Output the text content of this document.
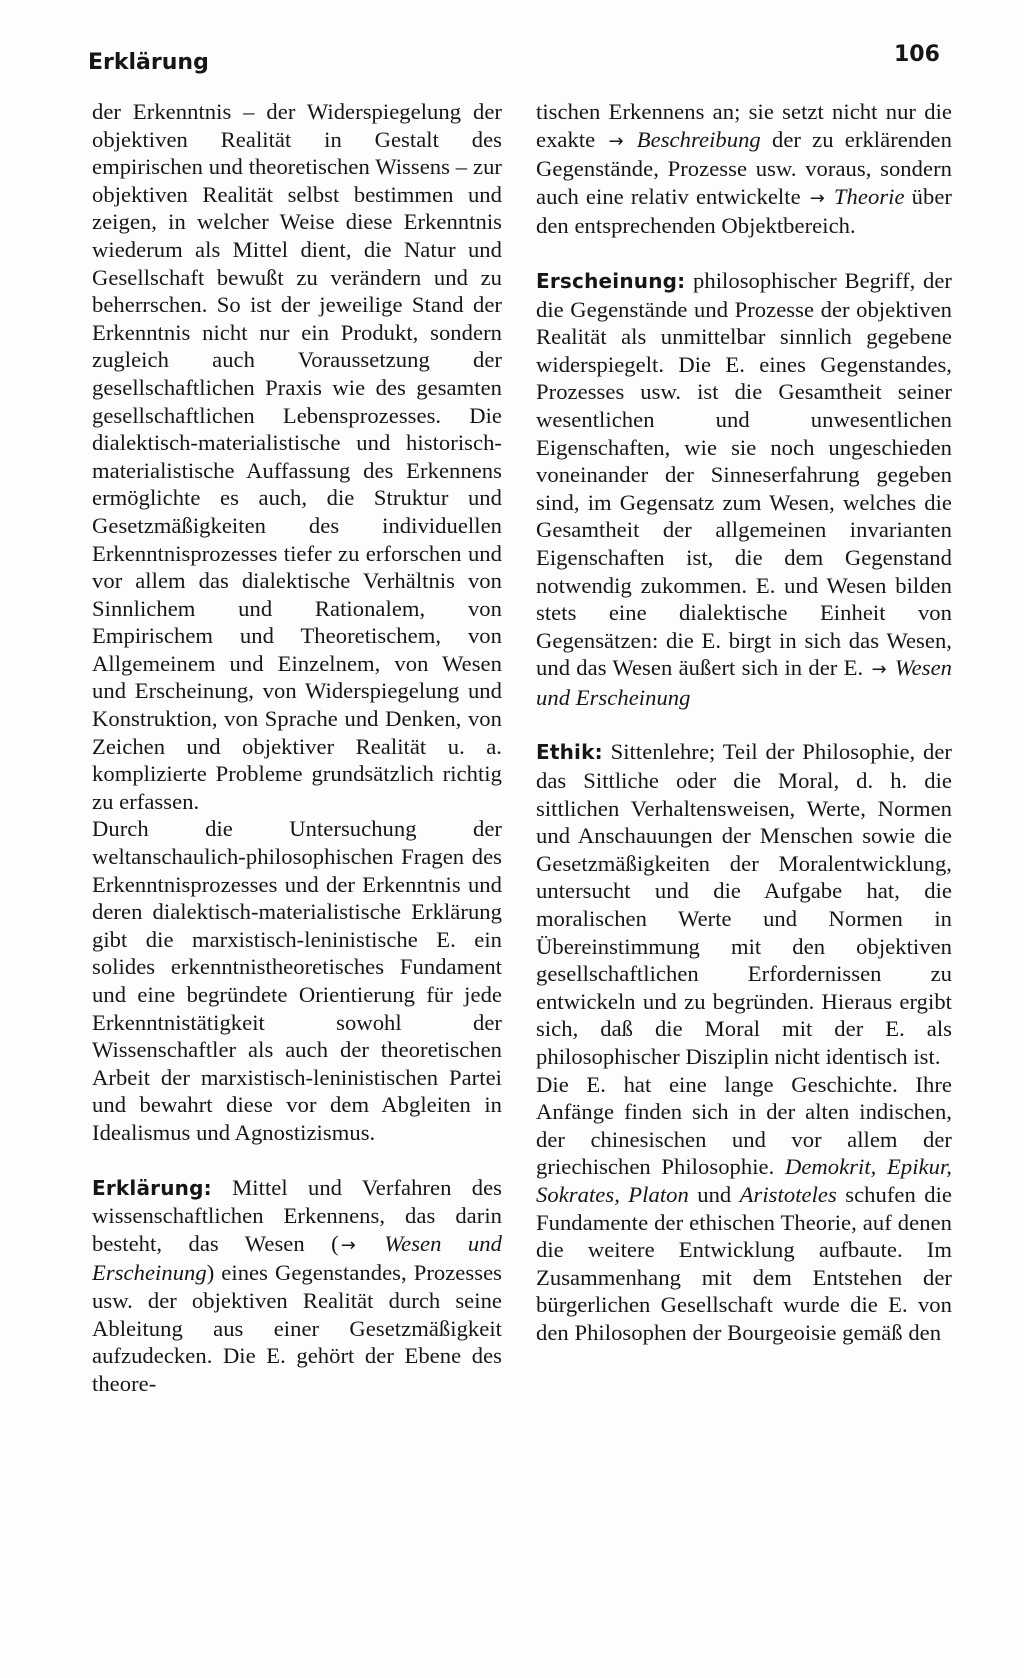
Erklärung	106

der Erkenntnis – der Widerspiegelung der objektiven Realität in Gestalt des empirischen und theoretischen Wissens – zur objektiven Realität selbst bestimmen und zeigen, in welcher Weise diese Erkenntnis wiederum als Mittel dient, die Natur und Gesellschaft bewußt zu verändern und zu beherrschen. So ist der jeweilige Stand der Erkenntnis nicht nur ein Produkt, sondern zugleich auch Voraussetzung der gesellschaftlichen Praxis wie des gesamten gesellschaftlichen Lebensprozesses. Die dialektisch-materialistische und historisch-materialistische Auffassung des Erkennens ermöglichte es auch, die Struktur und Gesetzmäßigkeiten des individuellen Erkenntnisprozesses tiefer zu erforschen und vor allem das dialektische Verhältnis von Sinnlichem und Rationalem, von Empirischem und Theoretischem, von Allgemeinem und Einzelnem, von Wesen und Erscheinung, von Widerspiegelung und Konstruktion, von Sprache und Denken, von Zeichen und objektiver Realität u. a. komplizierte Probleme grundsätzlich richtig zu erfassen.

Durch die Untersuchung der weltanschaulich-philosophischen Fragen des Erkenntnisprozesses und der Erkenntnis und deren dialektisch-materialistische Erklärung gibt die marxistisch-leninistische E. ein solides erkenntnistheoretisches Fundament und eine begründete Orientierung für jede Erkenntnistätigkeit sowohl der Wissenschaftler als auch der theoretischen Arbeit der marxistisch-leninistischen Partei und bewahrt diese vor dem Abgleiten in Idealismus und Agnostizismus.

Erklärung: Mittel und Verfahren des wissenschaftlichen Erkennens, das darin besteht, das Wesen ( → Wesen und Erscheinung) eines Gegenstandes, Prozesses usw. der objektiven Realität durch seine Ableitung aus einer Gesetzmäßigkeit aufzudecken. Die E. gehört der Ebene des theore-

tischen Erkennens an; sie setzt nicht nur die exakte → Beschreibung der zu erklärenden Gegenstände, Prozesse usw. voraus, sondern auch eine relativ entwickelte → Theorie über den entsprechenden Objektbereich.

Erscheinung: philosophischer Begriff, der die Gegenstände und Prozesse der objektiven Realität als unmittelbar sinnlich gegebene widerspiegelt. Die E. eines Gegenstandes, Prozesses usw. ist die Gesamtheit seiner wesentlichen und unwesentlichen Eigenschaften, wie sie noch ungeschieden voneinander der Sinneserfahrung gegeben sind, im Gegensatz zum Wesen, welches die Gesamtheit der allgemeinen invarianten Eigenschaften ist, die dem Gegenstand notwendig zukommen. E. und Wesen bilden stets eine dialektische Einheit von Gegensätzen: die E. birgt in sich das Wesen, und das Wesen äußert sich in der E. → Wesen und Erscheinung

Ethik: Sittenlehre; Teil der Philosophie, der das Sittliche oder die Moral, d. h. die sittlichen Verhaltensweisen, Werte, Normen und Anschauungen der Menschen sowie die Gesetzmäßigkeiten der Moralentwicklung, untersucht und die Aufgabe hat, die moralischen Werte und Normen in Übereinstimmung mit den objektiven gesellschaftlichen Erfordernissen zu entwickeln und zu begründen. Hieraus ergibt sich, daß die Moral mit der E. als philosophischer Disziplin nicht identisch ist.

Die E. hat eine lange Geschichte. Ihre Anfänge finden sich in der alten indischen, der chinesischen und vor allem der griechischen Philosophie. Demokrit, Epikur, Sokrates, Platon und Aristoteles schufen die Fundamente der ethischen Theorie, auf denen die weitere Entwicklung aufbaute. Im Zusammenhang mit dem Entstehen der bürgerlichen Gesellschaft wurde die E. von den Philosophen der Bourgeoisie gemäß den
